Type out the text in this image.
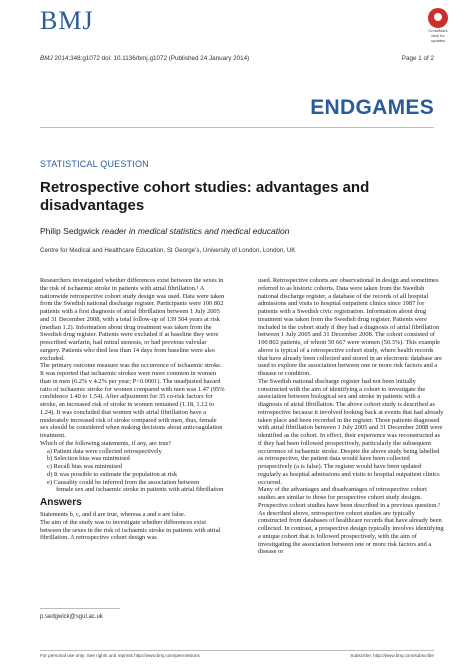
BMJ	CrossMark
click for updates
BMJ 2014;348:g1072 doi: 10.1136/bmj.g1072 (Published 24 January 2014)	Page 1 of 2
ENDGAMES
STATISTICAL QUESTION
Retrospective cohort studies: advantages and disadvantages
Philip Sedgwick reader in medical statistics and medical education
Centre for Medical and Healthcare Education, St George’s, University of London, London, UK

Researchers investigated whether differences exist between the sexes in the risk of ischaemic stroke in patients with atrial fibrillation.¹ A nationwide retrospective cohort study design was used. Data were taken from the Swedish national discharge register. Participants were 100 802 patients with a first diagnosis of atrial fibrillation between 1 July 2005 and 31 December 2008, with a total follow-up of 139 504 years at risk (median 1.2). Information about drug treatment was taken from the Swedish drug register. Patients were excluded if at baseline they were prescribed warfarin, had mitral stenosis, or had previous valvular surgery. Patients who died less than 14 days from baseline were also excluded.

The primary outcome measure was the occurrence of ischaemic stroke. It was reported that ischaemic strokes were more common in women than in men (6.2% v 4.2% per year; P<0.0001). The unadjusted hazard ratio of ischaemic stroke for women compared with men was 1.47 (95% confidence 1.40 to 1.54). After adjustment for 35 co-risk factors for stroke, an increased risk of stroke in women remained (1.18, 1.12 to 1.24). It was concluded that women with atrial fibrillation have a moderately increased risk of stroke compared with men, thus, female sex should be considered when making decisions about anticoagulation treatment.

Which of the following statements, if any, are true?

a) Patient data were collected retrospectively

b) Selection bias was minimised

c) Recall bias was minimised

d) It was possible to estimate the population at risk

e) Causality could be inferred from the association between

female sex and ischaemic stroke in patients with atrial fibrillation

Answers

Statements b, c, and d are true, whereas a and e are false.

The aim of the study was to investigate whether differences exist between the sexes in the risk of ischaemic stroke in patients with atrial fibrillation. A retrospective cohort design was

used. Retrospective cohorts are observational in design and sometimes referred to as historic cohorts. Data were taken from the Swedish national discharge register, a database of the records of all hospital admissions and visits to hospital outpatient clinics since 1987 for patients with a Swedish civic registration. Information about drug treatment was taken from the Swedish drug register. Patients were included in the cohort study if they had a diagnosis of atrial fibrillation between 1 July 2005 and 31 December 2008. The cohort consisted of 100 802 patients, of whom 50 667 were women (50.3%). This example above is typical of a retrospective cohort study, where health records that have already been collected and stored in an electronic database are used to explore the association between one or more risk factors and a disease or condition.

The Swedish national discharge register had not been initially constructed with the aim of identifying a cohort to investigate the association between biological sex and stroke in patients with a diagnosis of atrial fibrillation. The above cohort study is described as retrospective because it involved looking back at events that had already taken place and been recorded in the register. Those patients diagnosed with atrial fibrillation between 1 July 2005 and 31 December 2008 were identified as the cohort. In effect, their experience was reconstructed as if they had been followed prospectively, particularly the subsequent occurrence of ischaemic stroke. Despite the above study being labelled as retrospective, the patient data would have been collected prospectively (a is false). The register would have been updated regularly as hospital admissions and visits to hospital outpatient clinics occurred.

Many of the advantages and disadvantages of retrospective cohort studies are similar to those for prospective cohort study designs. Prospective cohort studies have been described in a previous question.² As described above, retrospective cohort studies are typically constructed from databases of healthcare records that have already been collected. In contrast, a prospective design typically involves identifying a unique cohort that is followed prospectively, with the aim of investigating the association between one or more risk factors and a disease or

p.sedgwick@sgul.ac.uk
For personal use only: See rights and reprints http://www.bmj.com/permissions	Subscribe: http://www.bmj.com/subscribe
